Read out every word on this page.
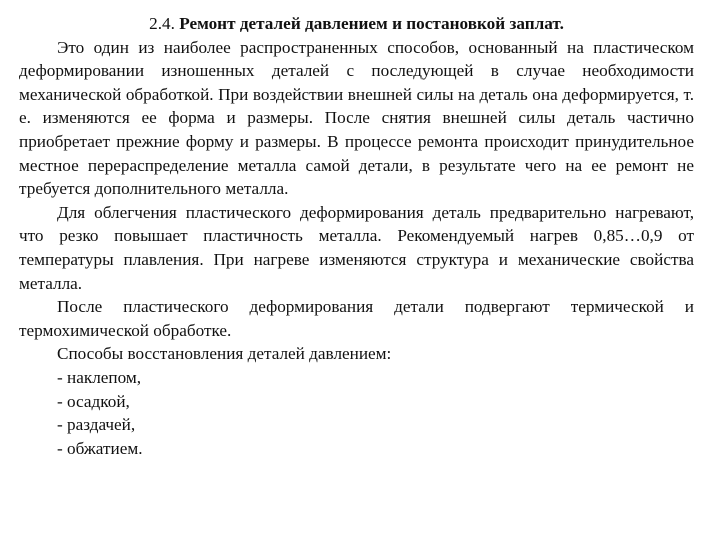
2.4. Ремонт деталей давлением и постановкой заплат.

Это один из наиболее распространенных способов, основанный на пластическом деформировании изношенных деталей с последующей в случае необходимости механической обработкой. При воздействии внешней силы на деталь она деформируется, т. е. изменяются ее форма и размеры. После снятия внешней силы деталь частично приобретает прежние форму и размеры. В процессе ремонта происходит принудительное местное перераспределение металла самой детали, в результате чего на ее ремонт не требуется дополнительного металла.

Для облегчения пластического деформирования деталь предварительно нагревают, что резко повышает пластичность металла. Рекомендуемый нагрев 0,85…0,9 от температуры плавления. При нагреве изменяются структура и механические свойства металла.

После пластического деформирования детали подвергают термической и термохимической обработке.

Способы восстановления деталей давлением:

- наклепом,
- осадкой,
- раздачей,
- обжатием.
